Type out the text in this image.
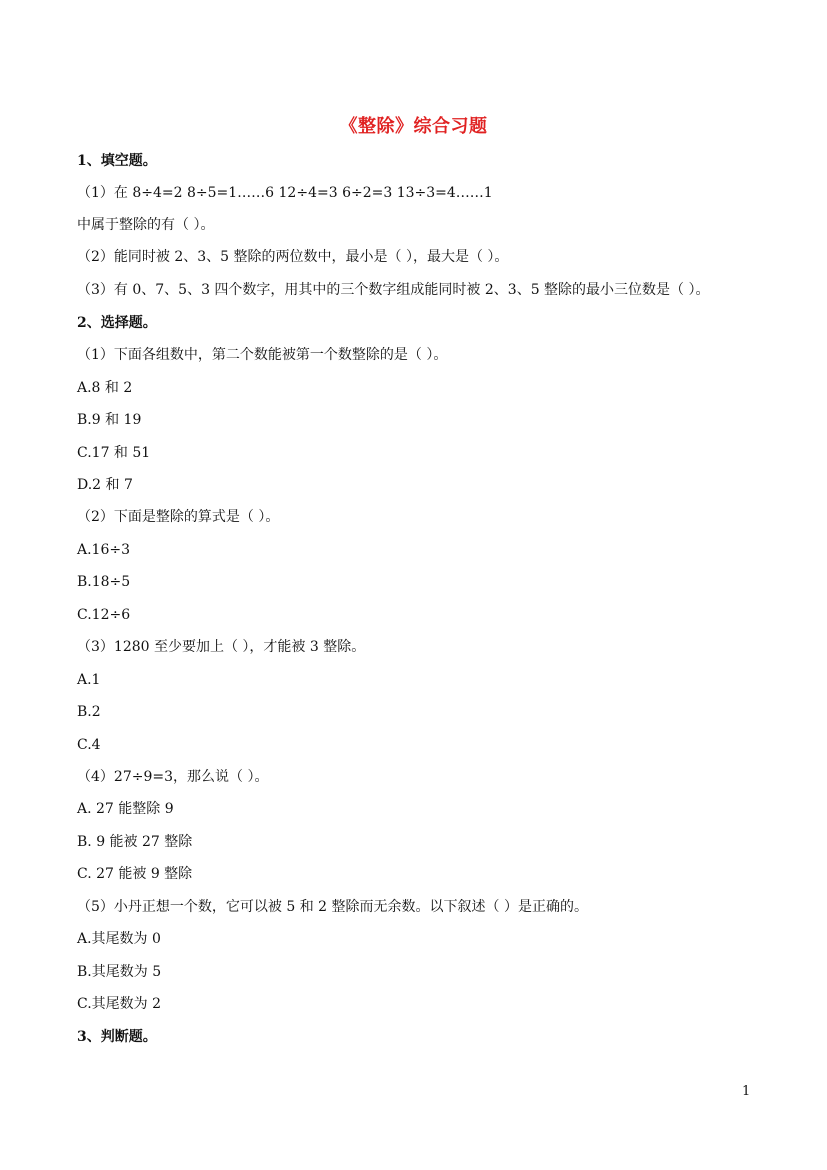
《整除》综合习题
1、填空题。
（1）在 8÷4=2 8÷5=1……6 12÷4=3 6÷2=3 13÷3=4……1
中属于整除的有（ ）。
（2）能同时被 2、3、5 整除的两位数中，最小是（ ），最大是（ ）。
（3）有 0、7、5、3 四个数字，用其中的三个数字组成能同时被 2、3、5 整除的最小三位数是（ ）。
2、选择题。
（1）下面各组数中，第二个数能被第一个数整除的是（ ）。
A.8 和 2
B.9 和 19
C.17 和 51
D.2 和 7
（2）下面是整除的算式是（ ）。
A.16÷3
B.18÷5
C.12÷6
（3）1280 至少要加上（ ），才能被 3 整除。
A.1
B.2
C.4
（4）27÷9=3，那么说（ ）。
A. 27 能整除 9
B. 9 能被 27 整除
C. 27 能被 9 整除
（5）小丹正想一个数，它可以被 5 和 2 整除而无余数。以下叙述（ ）是正确的。
A.其尾数为 0
B.其尾数为 5
C.其尾数为 2
3、判断题。
1
